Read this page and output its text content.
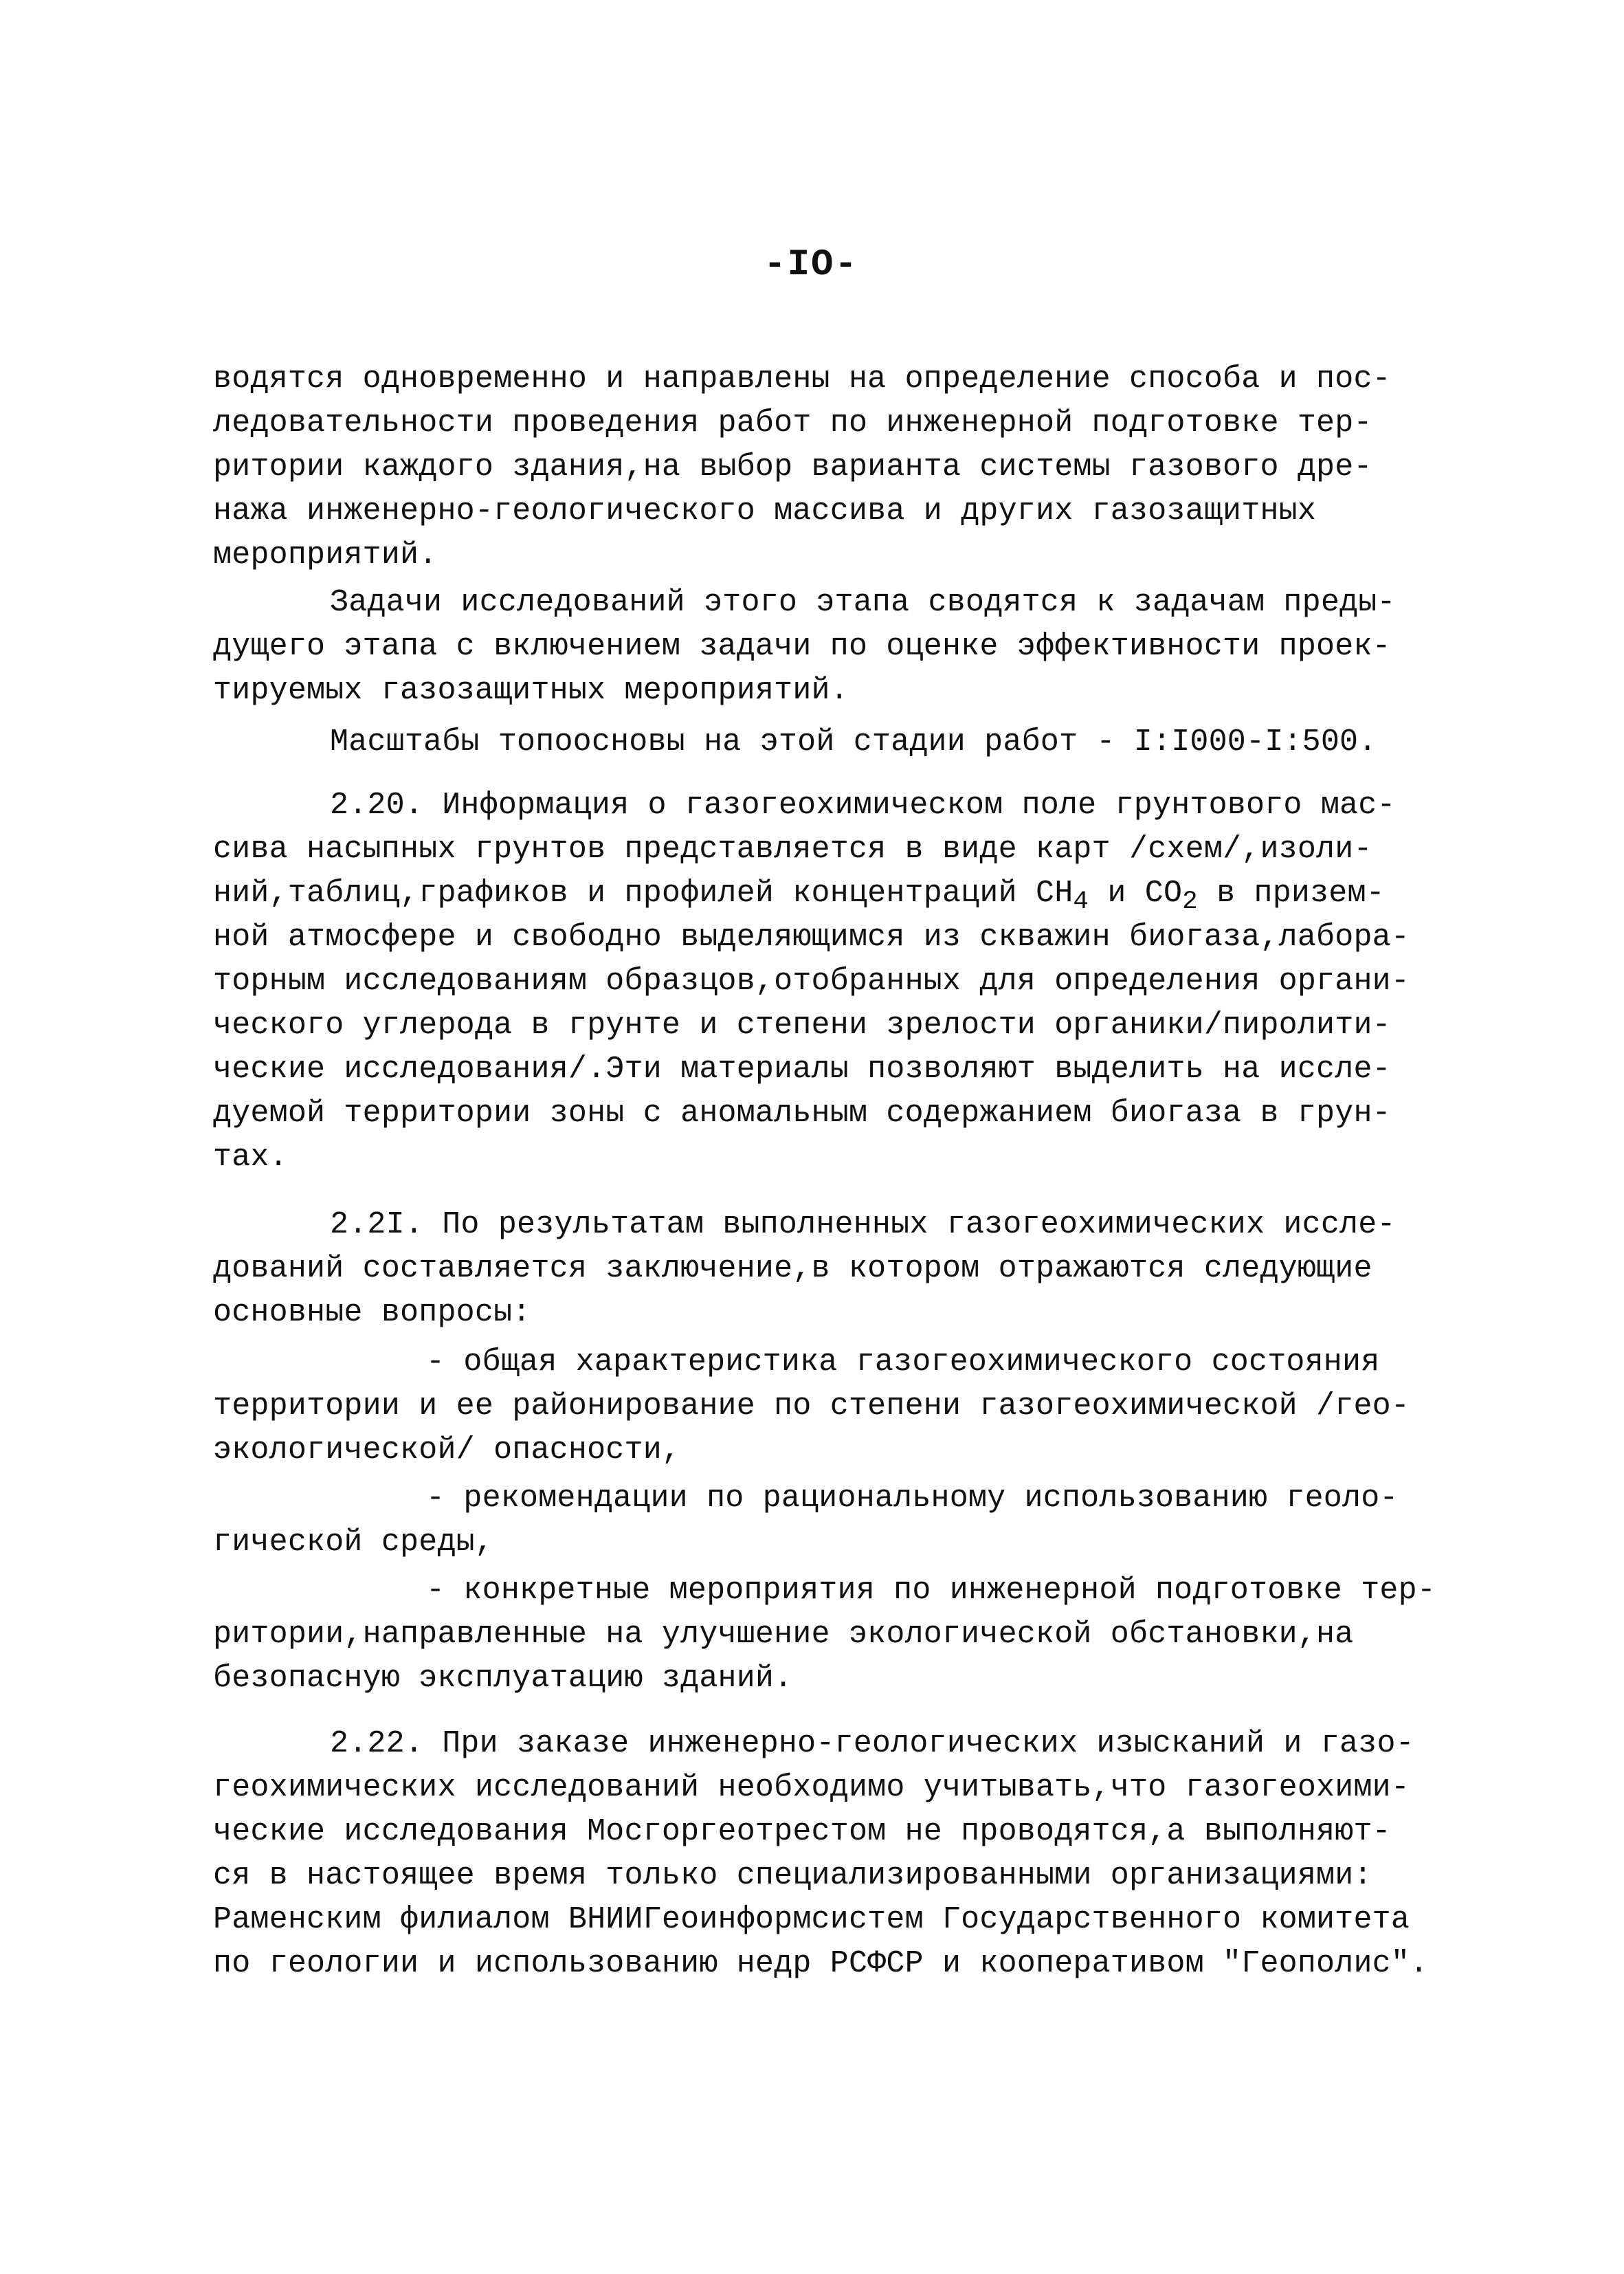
-IO-
водятся одновременно и направлены на определение способа и пос-
ледовательности проведения работ по инженерной подготовке тер-
ритории каждого здания,на выбор варианта системы газового дре-
нажа инженерно-геологического массива и других газозащитных
мероприятий.
Задачи исследований этого этапа сводятся к задачам преды-
дущего этапа с включением задачи по оценке эффективности проек-
тируемых газозащитных мероприятий.
Масштабы топоосновы на этой стадии работ - I:I000-I:500.
2.20. Информация о газогеохимическом поле грунтового мас-
сива насыпных грунтов представляется в виде карт /схем/,изоли-
ний,таблиц,графиков и профилей концентраций $CH_4$ и $CO_2$ в призем-
ной атмосфере и свободно выделяющимся из скважин биогаза,лабора-
торным исследованиям образцов,отобранных для определения органи-
ческого углерода в грунте и степени зрелости органики/пиролити-
ческие исследования/.Эти материалы позволяют выделить на иссле-
дуемой территории зоны с аномальным содержанием биогаза в грун-
тах.
2.2I. По результатам выполненных газогеохимических иссле-
дований составляется заключение,в котором отражаются следующие
основные вопросы:
- общая характеристика газогеохимического состояния
территории и ее районирование по степени газогеохимической /гео-
экологической/ опасности,
- рекомендации по рациональному использованию геоло-
гической среды,
- конкретные мероприятия по инженерной подготовке тер-
ритории,направленные на улучшение экологической обстановки,на
безопасную эксплуатацию зданий.
2.22. При заказе инженерно-геологических изысканий и газо-
геохимических исследований необходимо учитывать,что газогеохими-
ческие исследования Мосгоргеотрестом не проводятся,а выполняют-
ся в настоящее время только специализированными организациями:
Раменским филиалом ВНИИГеоинформсистем Государственного комитета
по геологии и использованию недр РСФСР и кооперативом "Геополис".
